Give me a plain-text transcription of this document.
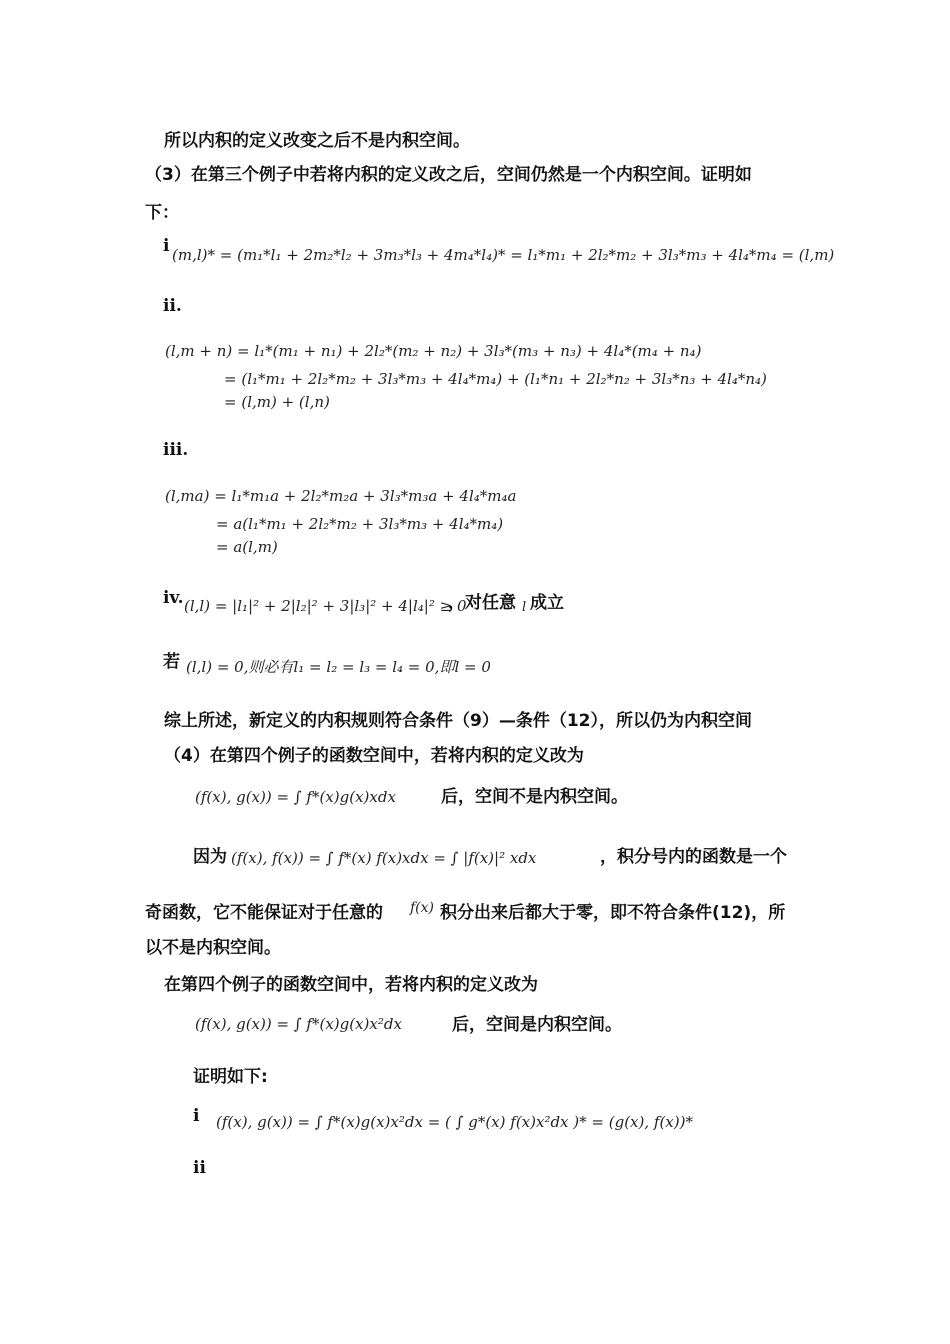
所以内积的定义改变之后不是内积空间。
（3）在第三个例子中若将内积的定义改之后，空间仍然是一个内积空间。证明如
下：
i (m,l)* = (m₁*l₁ + 2m₂*l₂ + 3m₃*l₃ + 4m₄*l₄)* = l₁*m₁ + 2l₂*m₂ + 3l₃*m₃ + 4l₄*m₄ = (l,m)
ii.
(l,m + n) = l₁*(m₁ + n₁) + 2l₂*(m₂ + n₂) + 3l₃*(m₃ + n₃) + 4l₄*(m₄ + n₄)
= (l₁*m₁ + 2l₂*m₂ + 3l₃*m₃ + 4l₄*m₄) + (l₁*n₁ + 2l₂*n₂ + 3l₃*n₃ + 4l₄*n₄)
= (l,m) + (l,n)
iii.
(l,ma) = l₁*m₁a + 2l₂*m₂a + 3l₃*m₃a + 4l₄*m₄a
= a(l₁*m₁ + 2l₂*m₂ + 3l₃*m₃ + 4l₄*m₄)
= a(l,m)
iv. (l,l) = |l₁|² + 2|l₂|² + 3|l₃|² + 4|l₄|² ≥ 0
，对任意 l 成立
若 (l,l) = 0,则必有l₁ = l₂ = l₃ = l₄ = 0,即l = 0
综上所述，新定义的内积规则符合条件（9）—条件（12），所以仍为内积空间
（4）在第四个例子的函数空间中，若将内积的定义改为
(f(x), g(x)) = ∫ f*(x)g(x)xdx	后，空间不是内积空间。
因为 (f(x), f(x)) = ∫ f*(x) f(x)xdx = ∫ |f(x)|² xdx	，积分号内的函数是一个
奇函数，它不能保证对于任意的 f(x) 积分出来后都大于零，即不符合条件(12)，所
以不是内积空间。
在第四个例子的函数空间中，若将内积的定义改为
(f(x), g(x)) = ∫ f*(x)g(x)x²dx	后，空间是内积空间。
证明如下:
i (f(x), g(x)) = ∫ f*(x)g(x)x²dx = ( ∫ g*(x) f(x)x²dx )* = (g(x), f(x))*
ii
